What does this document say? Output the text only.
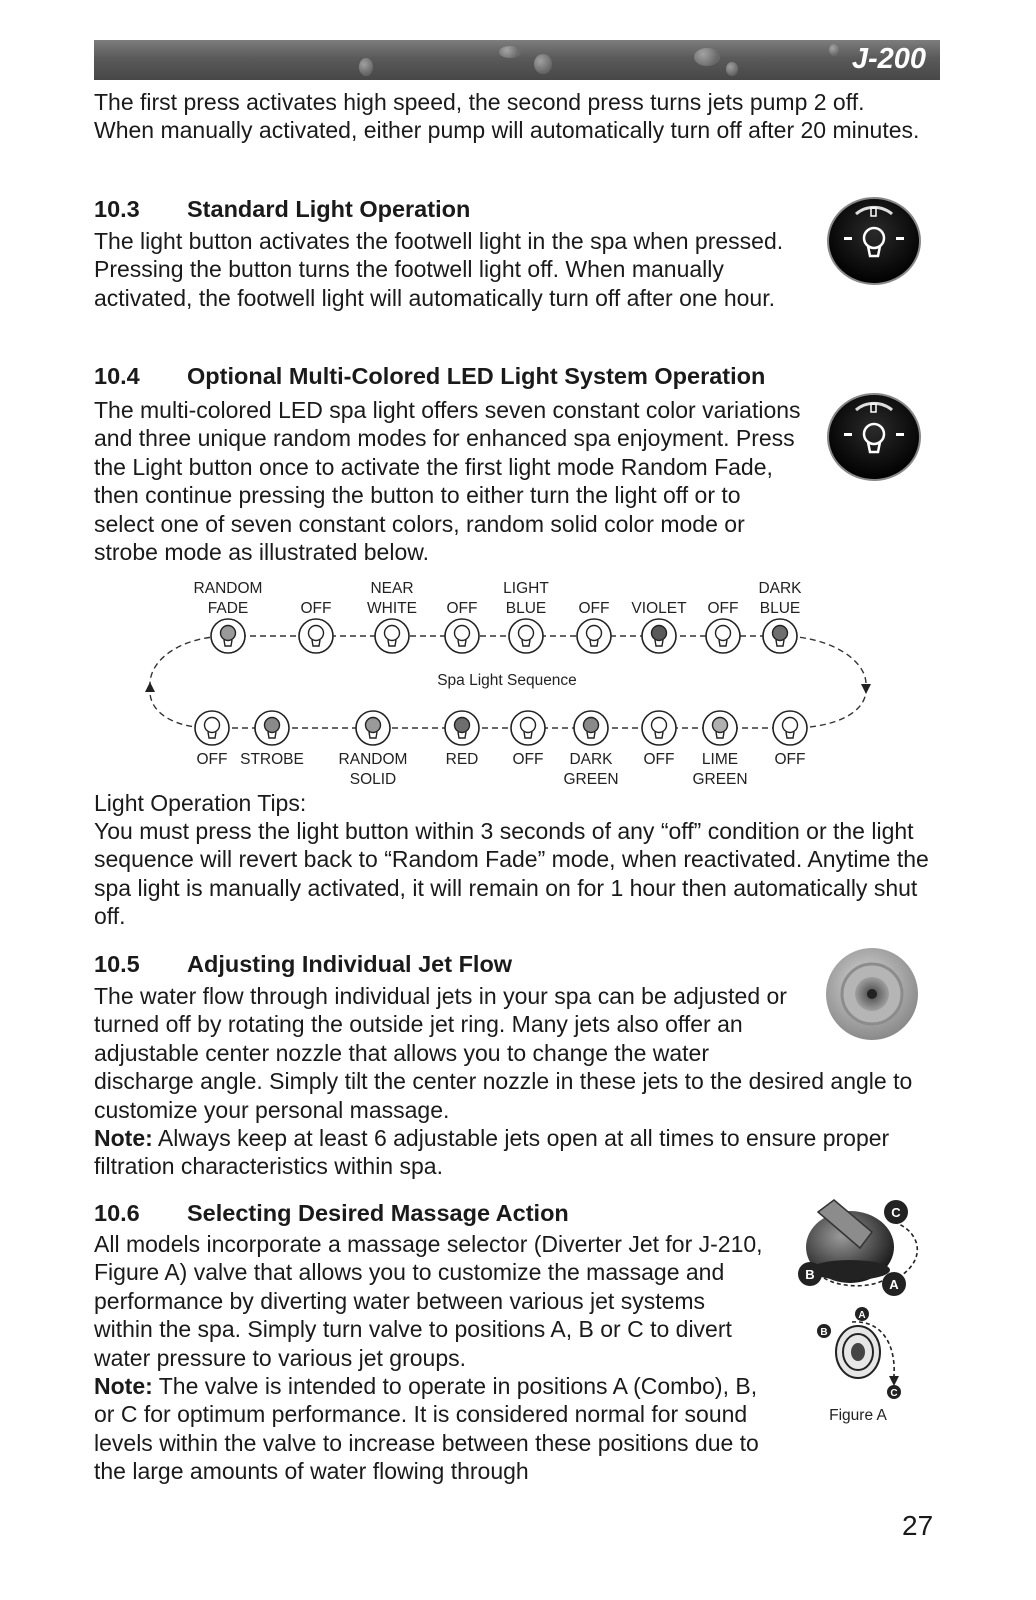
J-200

The first press activates high speed, the second press turns jets pump 2 off. When manually activated, either pump will automatically turn off after 20 minutes.

10.3 Standard Light Operation

The light button activates the footwell light in the spa when pressed. Pressing the button turns the footwell light off. When manually activated, the footwell light will automatically turn off after one hour.

10.4 Optional Multi-Colored LED Light System Operation

The multi-colored LED spa light offers seven constant color variations and three unique random modes for enhanced spa enjoyment. Press the Light button once to activate the first light mode Random Fade, then continue pressing the button to either turn the light off or to select one of seven constant colors, random solid color mode or strobe mode as illustrated below.

Spa Light Sequence
RANDOM
FADE	OFF
NEAR
WHITE OFF
LIGHT
BLUE OFF VIOLET OFF
DARK
BLUE
OFF STROBE RANDOM
SOLID
RED OFF DARK
GREEN
OFF LIME
GREEN
OFF

Light Operation Tips:

You must press the light button within 3 seconds of any “off” condition or the light sequence will revert back to “Random Fade” mode, when reactivated. Anytime the spa light is manually activated, it will remain on for 1 hour then automatically shut off.

10.5 Adjusting Individual Jet Flow
The water flow through individual jets in your spa can be adjusted or turned off by rotating the outside jet ring. Many jets also offer an adjustable center nozzle that allows you to change the water discharge angle. Simply tilt the center nozzle in these jets to the desired angle to customize your personal massage.
Note: Always keep at least 6 adjustable jets open at all times to ensure proper filtration characteristics within spa.
10.6 Selecting Desired Massage Action
All models incorporate a massage selector (Diverter Jet for J-210, Figure A) valve that allows you to customize the massage and performance by diverting water between various jet systems within the spa. Simply turn valve to positions A, B or C to divert water pressure to various jet groups.
Note: The valve is intended to operate in positions A (Combo), B, or C for optimum performance. It is considered normal for sound levels within the valve to increase between these positions due to the large amounts of water flowing through
C
B
A
A
B
C
Figure A
27
